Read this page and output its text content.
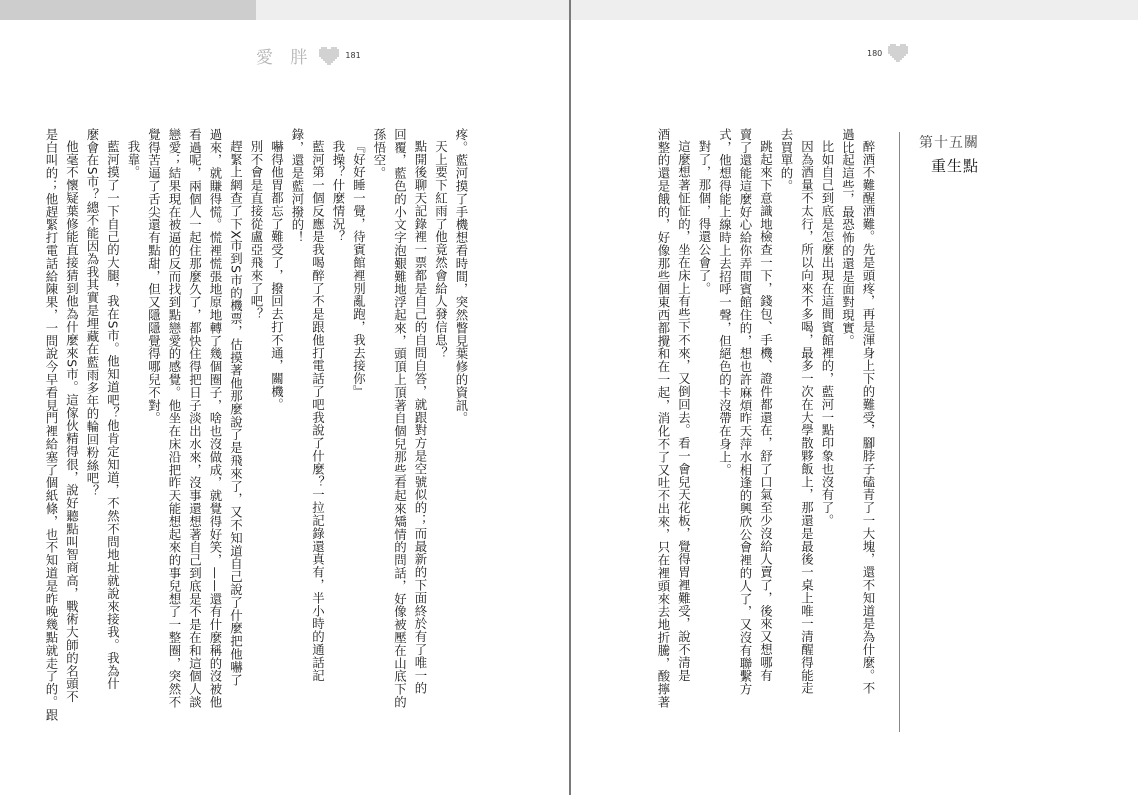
愛 胖	181

疼。藍河摸了手機想看時間，突然瞥見葉修的資訊。

天上要下紅雨了他竟然會給人發信息？

點開後聊天記錄裡一票都是自己的自問自答，就跟對方是空號似的；而最新的下面終於有了唯一的

回覆，藍色的小文字泡艱難地浮起來，頭頂上頂著自個兒那些看起來矯情的問話，好像被壓在山底下的

孫悟空。

『好好睡一覺，待賓館裡別亂跑，我去接你』

我操？什麼情況？

藍河第一個反應是我喝醉了不是跟他打電話了吧我說了什麼？一拉記錄還真有，半小時的通話記

錄，還是藍河撥的！

嚇得他胃都忘了難受了，撥回去打不通，關機。

別不會是直接從盧亞飛來了吧？

趕緊上網查了下X市到S市的機票，估摸著他那麼說了是飛來了，又不知道自己說了什麼把他嚇了

過來，就賺得慌。慌裡慌張地原地轉了幾個圈子，啥也沒做成，就覺得好笑，——還有什麼稱的沒被他

看過呢，兩個人一起住那麼久了，都快住得把日子淡出水來，沒事還想著自己到底是不是在和這個人談

戀愛；結果現在被逼的反而找到點戀愛的感覺。他坐在床沿把昨天能想起來的事兒想了一整圈，突然不

覺得苦逼了舌尖還有點甜，但又隱隱覺得哪兒不對。

我靠。

藍河摸了一下自己的大腿，我在S市。他知道吧？他肯定知道，不然不問地址就說來接我。我為什

麼會在S市？總不能因為我其實是埋藏在藍雨多年的輪回粉絲吧？

他毫不懷疑葉修能直接猜到他為什麼來S市。這傢伙精得很，說好聽點叫智商高，戰術大師的名頭不

是白叫的；他趕緊打電話給陳果，一問說今早看見門裡給塞了個紙條，也不知道是昨晚幾點就走了的。跟

180
第十五關
重生點

醉酒不難醒酒難。先是頭疼，再是渾身上下的難受，腳脖子磕青了一大塊，還不知道是為什麼。不

過比起這些，最恐怖的還是面對現實。

比如自己到底是怎麼出現在這間賓館裡的，藍河一點印象也沒有了。

因為酒量不太行，所以向來不多喝，最多一次在大學散夥飯上，那還是最後一桌上唯一清醒得能走

去買單的。

跳起來下意識地檢查一下，錢包、手機、證件都還在，舒了口氣至少沒給人賣了，後來又想哪有

賣了還能這麼好心給你弄間賓館住的，想也許麻煩昨天萍水相逢的興欣公會裡的人了，又沒有聯繫方

式，他想得能上線時上去招呼一聲，但絕色的卡沒帶在身上。

對了，那個，得還公會了。

這麼想著怔怔的，坐在床上有些下不來，又倒回去。看一會兒天花板，覺得胃裡難受，說不清是

酒整的還是餓的，好像那些個東西都攪和在一起，消化不了又吐不出來，只在裡頭來去地折騰，酸擰著
